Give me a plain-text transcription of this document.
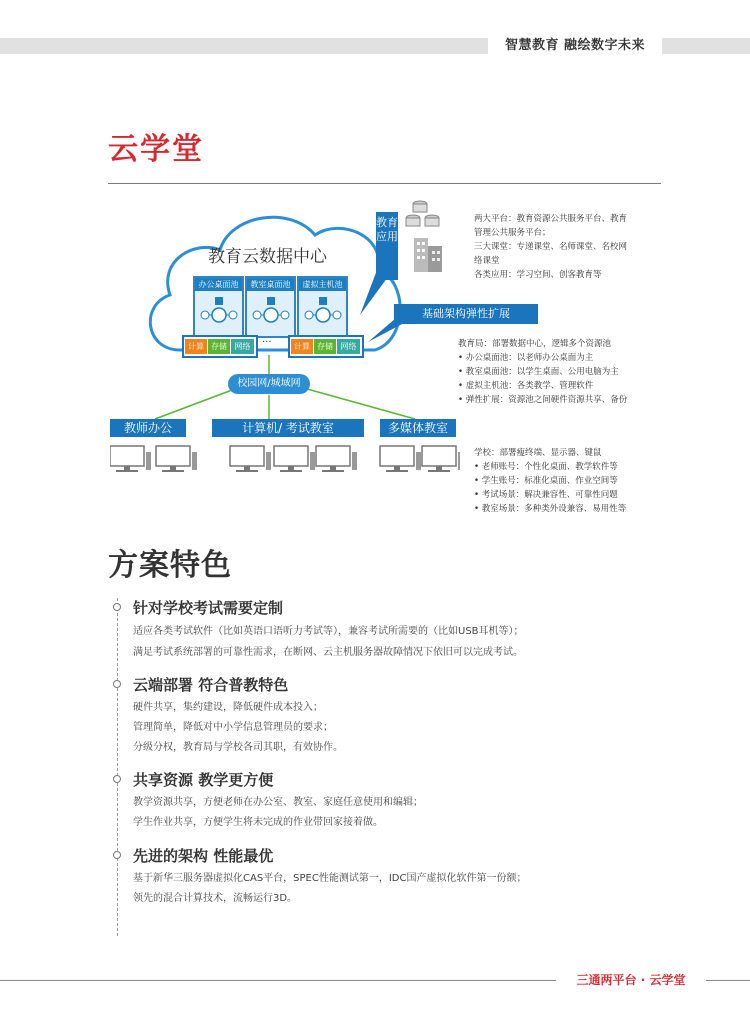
智慧教育 融绘数字未来
云学堂
教育云数据中心
办公桌面池	教室桌面池	虚拟主机池
计算 存储 网络	···	计算 存储 网络
教育应用
基础架构弹性扩展
校园网/城域网
教师办公	计算机/ 考试教室	多媒体教室
两大平台：教育资源公共服务平台、教育
管理公共服务平台；
三大课堂：专递课堂、名师课堂、名校网
络课堂
各类应用：学习空间、创客教育等
教育局：部署数据中心，逻辑多个资源池
• 办公桌面池：以老师办公桌面为主
• 教室桌面池：以学生桌面、公用电脑为主
• 虚拟主机池：各类教学、管理软件
• 弹性扩展：资源池之间硬件资源共享、备份
学校：部署瘦终端、显示器、键鼠
• 老师账号：个性化桌面、教学软件等
• 学生账号：标准化桌面、作业空间等
• 考试场景：解决兼容性、可靠性问题
• 教室场景：多种类外设兼容、易用性等
方案特色
针对学校考试需要定制
适应各类考试软件（比如英语口语听力考试等），兼容考试所需要的（比如USB耳机等）；
满足考试系统部署的可靠性需求，在断网、云主机服务器故障情况下依旧可以完成考试。
云端部署 符合普教特色
硬件共享，集约建设，降低硬件成本投入；
管理简单，降低对中小学信息管理员的要求；
分级分权，教育局与学校各司其职，有效协作。
共享资源 教学更方便
教学资源共享，方便老师在办公室、教室、家庭任意使用和编辑；
学生作业共享，方便学生将未完成的作业带回家接着做。
先进的架构 性能最优
基于新华三服务器虚拟化CAS平台，SPEC性能测试第一，IDC国产虚拟化软件第一份额；
领先的混合计算技术，流畅运行3D。
三通两平台 · 云学堂
